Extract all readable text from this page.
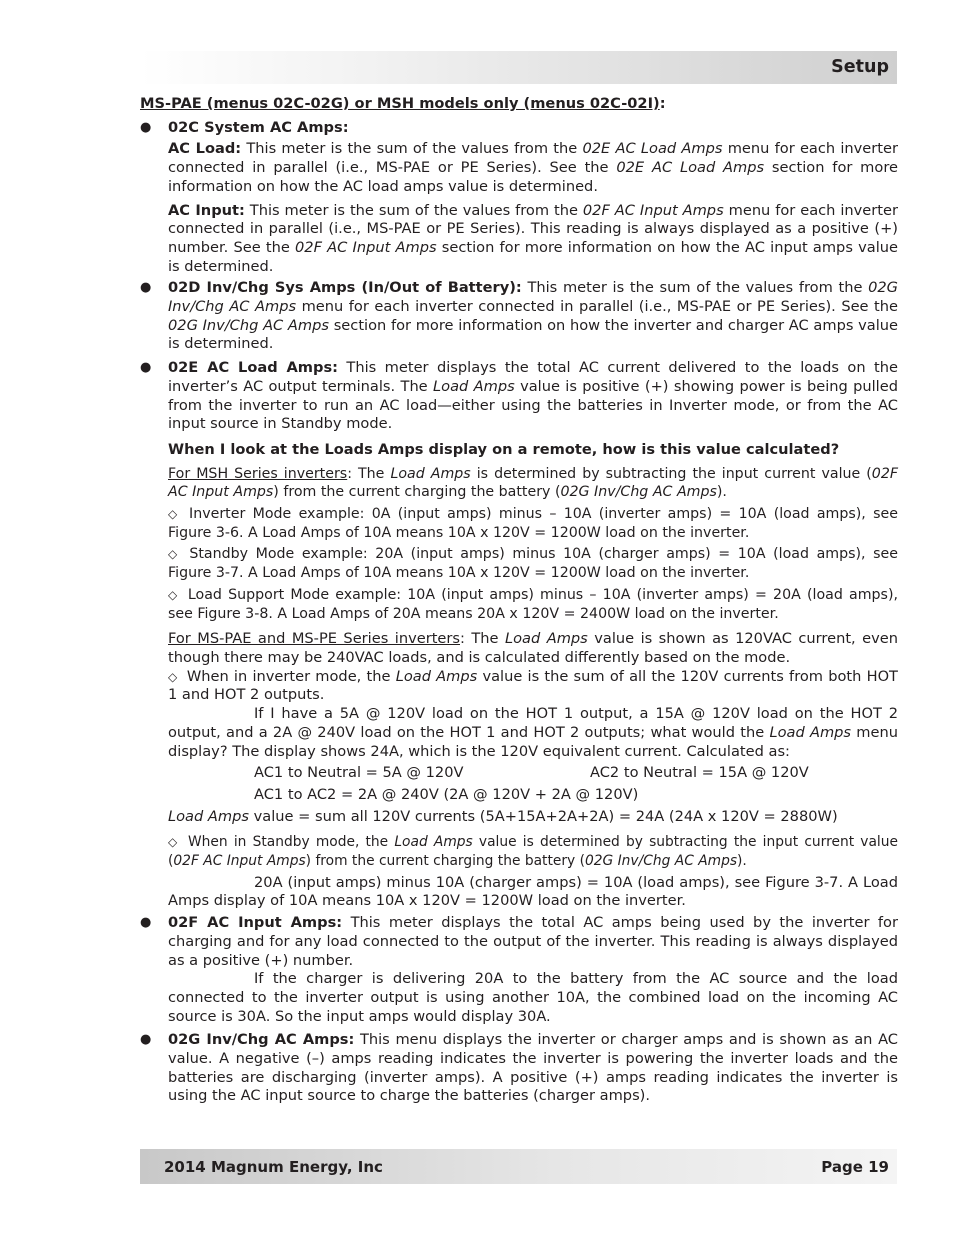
Setup

MS-PAE (menus 02C-02G) or MSH models only (menus 02C-02I):

● 02C System AC Amps:

AC Load: This meter is the sum of the values from the 02E AC Load Amps menu for each inverter connected in parallel (i.e., MS-PAE or PE Series). See the 02E AC Load Amps section for more information on how the AC load amps value is determined.

AC Input: This meter is the sum of the values from the 02F AC Input Amps menu for each inverter connected in parallel (i.e., MS-PAE or PE Series). This reading is always displayed as a positive (+) number. See the 02F AC Input Amps section for more information on how the AC input amps value is determined.

● 02D Inv/Chg Sys Amps (In/Out of Battery): This meter is the sum of the values from the 02G Inv/Chg AC Amps menu for each inverter connected in parallel (i.e., MS-PAE or PE Series). See the 02G Inv/Chg AC Amps section for more information on how the inverter and charger AC amps value is determined.

● 02E AC Load Amps: This meter displays the total AC current delivered to the loads on the inverter’s AC output terminals. The Load Amps value is positive (+) showing power is being pulled from the inverter to run an AC load—either using the batteries in Inverter mode, or from the AC input source in Standby mode.

When I look at the Loads Amps display on a remote, how is this value calculated?

For MSH Series inverters: The Load Amps is determined by subtracting the input current value (02F AC Input Amps) from the current charging the battery (02G Inv/Chg AC Amps).

◇ Inverter Mode example: 0A (input amps) minus – 10A (inverter amps) = 10A (load amps), see Figure 3-6. A Load Amps of 10A means 10A x 120V = 1200W load on the inverter.

◇ Standby Mode example: 20A (input amps) minus 10A (charger amps) = 10A (load amps), see Figure 3-7. A Load Amps of 10A means 10A x 120V = 1200W load on the inverter.

◇ Load Support Mode example: 10A (input amps) minus – 10A (inverter amps) = 20A (load amps), see Figure 3-8. A Load Amps of 20A means 20A x 120V = 2400W load on the inverter.

For MS-PAE and MS-PE Series inverters: The Load Amps value is shown as 120VAC current, even though there may be 240VAC loads, and is calculated differently based on the mode.

◇ When in inverter mode, the Load Amps value is the sum of all the 120V currents from both HOT 1 and HOT 2 outputs.

If I have a 5A @ 120V load on the HOT 1 output, a 15A @ 120V load on the HOT 2 output, and a 2A @ 240V load on the HOT 1 and HOT 2 outputs; what would the Load Amps menu display? The display shows 24A, which is the 120V equivalent current. Calculated as:

AC1 to Neutral = 5A @ 120V	AC2 to Neutral = 15A @ 120V

AC1 to AC2 = 2A @ 240V (2A @ 120V + 2A @ 120V)

Load Amps value = sum all 120V currents (5A+15A+2A+2A) = 24A (24A x 120V = 2880W)

◇ When in Standby mode, the Load Amps value is determined by subtracting the input current value (02F AC Input Amps) from the current charging the battery (02G Inv/Chg AC Amps).

20A (input amps) minus 10A (charger amps) = 10A (load amps), see Figure 3-7. A Load Amps display of 10A means 10A x 120V = 1200W load on the inverter.

● 02F AC Input Amps: This meter displays the total AC amps being used by the inverter for charging and for any load connected to the output of the inverter. This reading is always displayed as a positive (+) number.

If the charger is delivering 20A to the battery from the AC source and the load connected to the inverter output is using another 10A, the combined load on the incoming AC source is 30A. So the input amps would display 30A.

● 02G Inv/Chg AC Amps: This menu displays the inverter or charger amps and is shown as an AC value. A negative (–) amps reading indicates the inverter is powering the inverter loads and the batteries are discharging (inverter amps). A positive (+) amps reading indicates the inverter is using the AC input source to charge the batteries (charger amps).

2014 Magnum Energy, Inc	Page 19
